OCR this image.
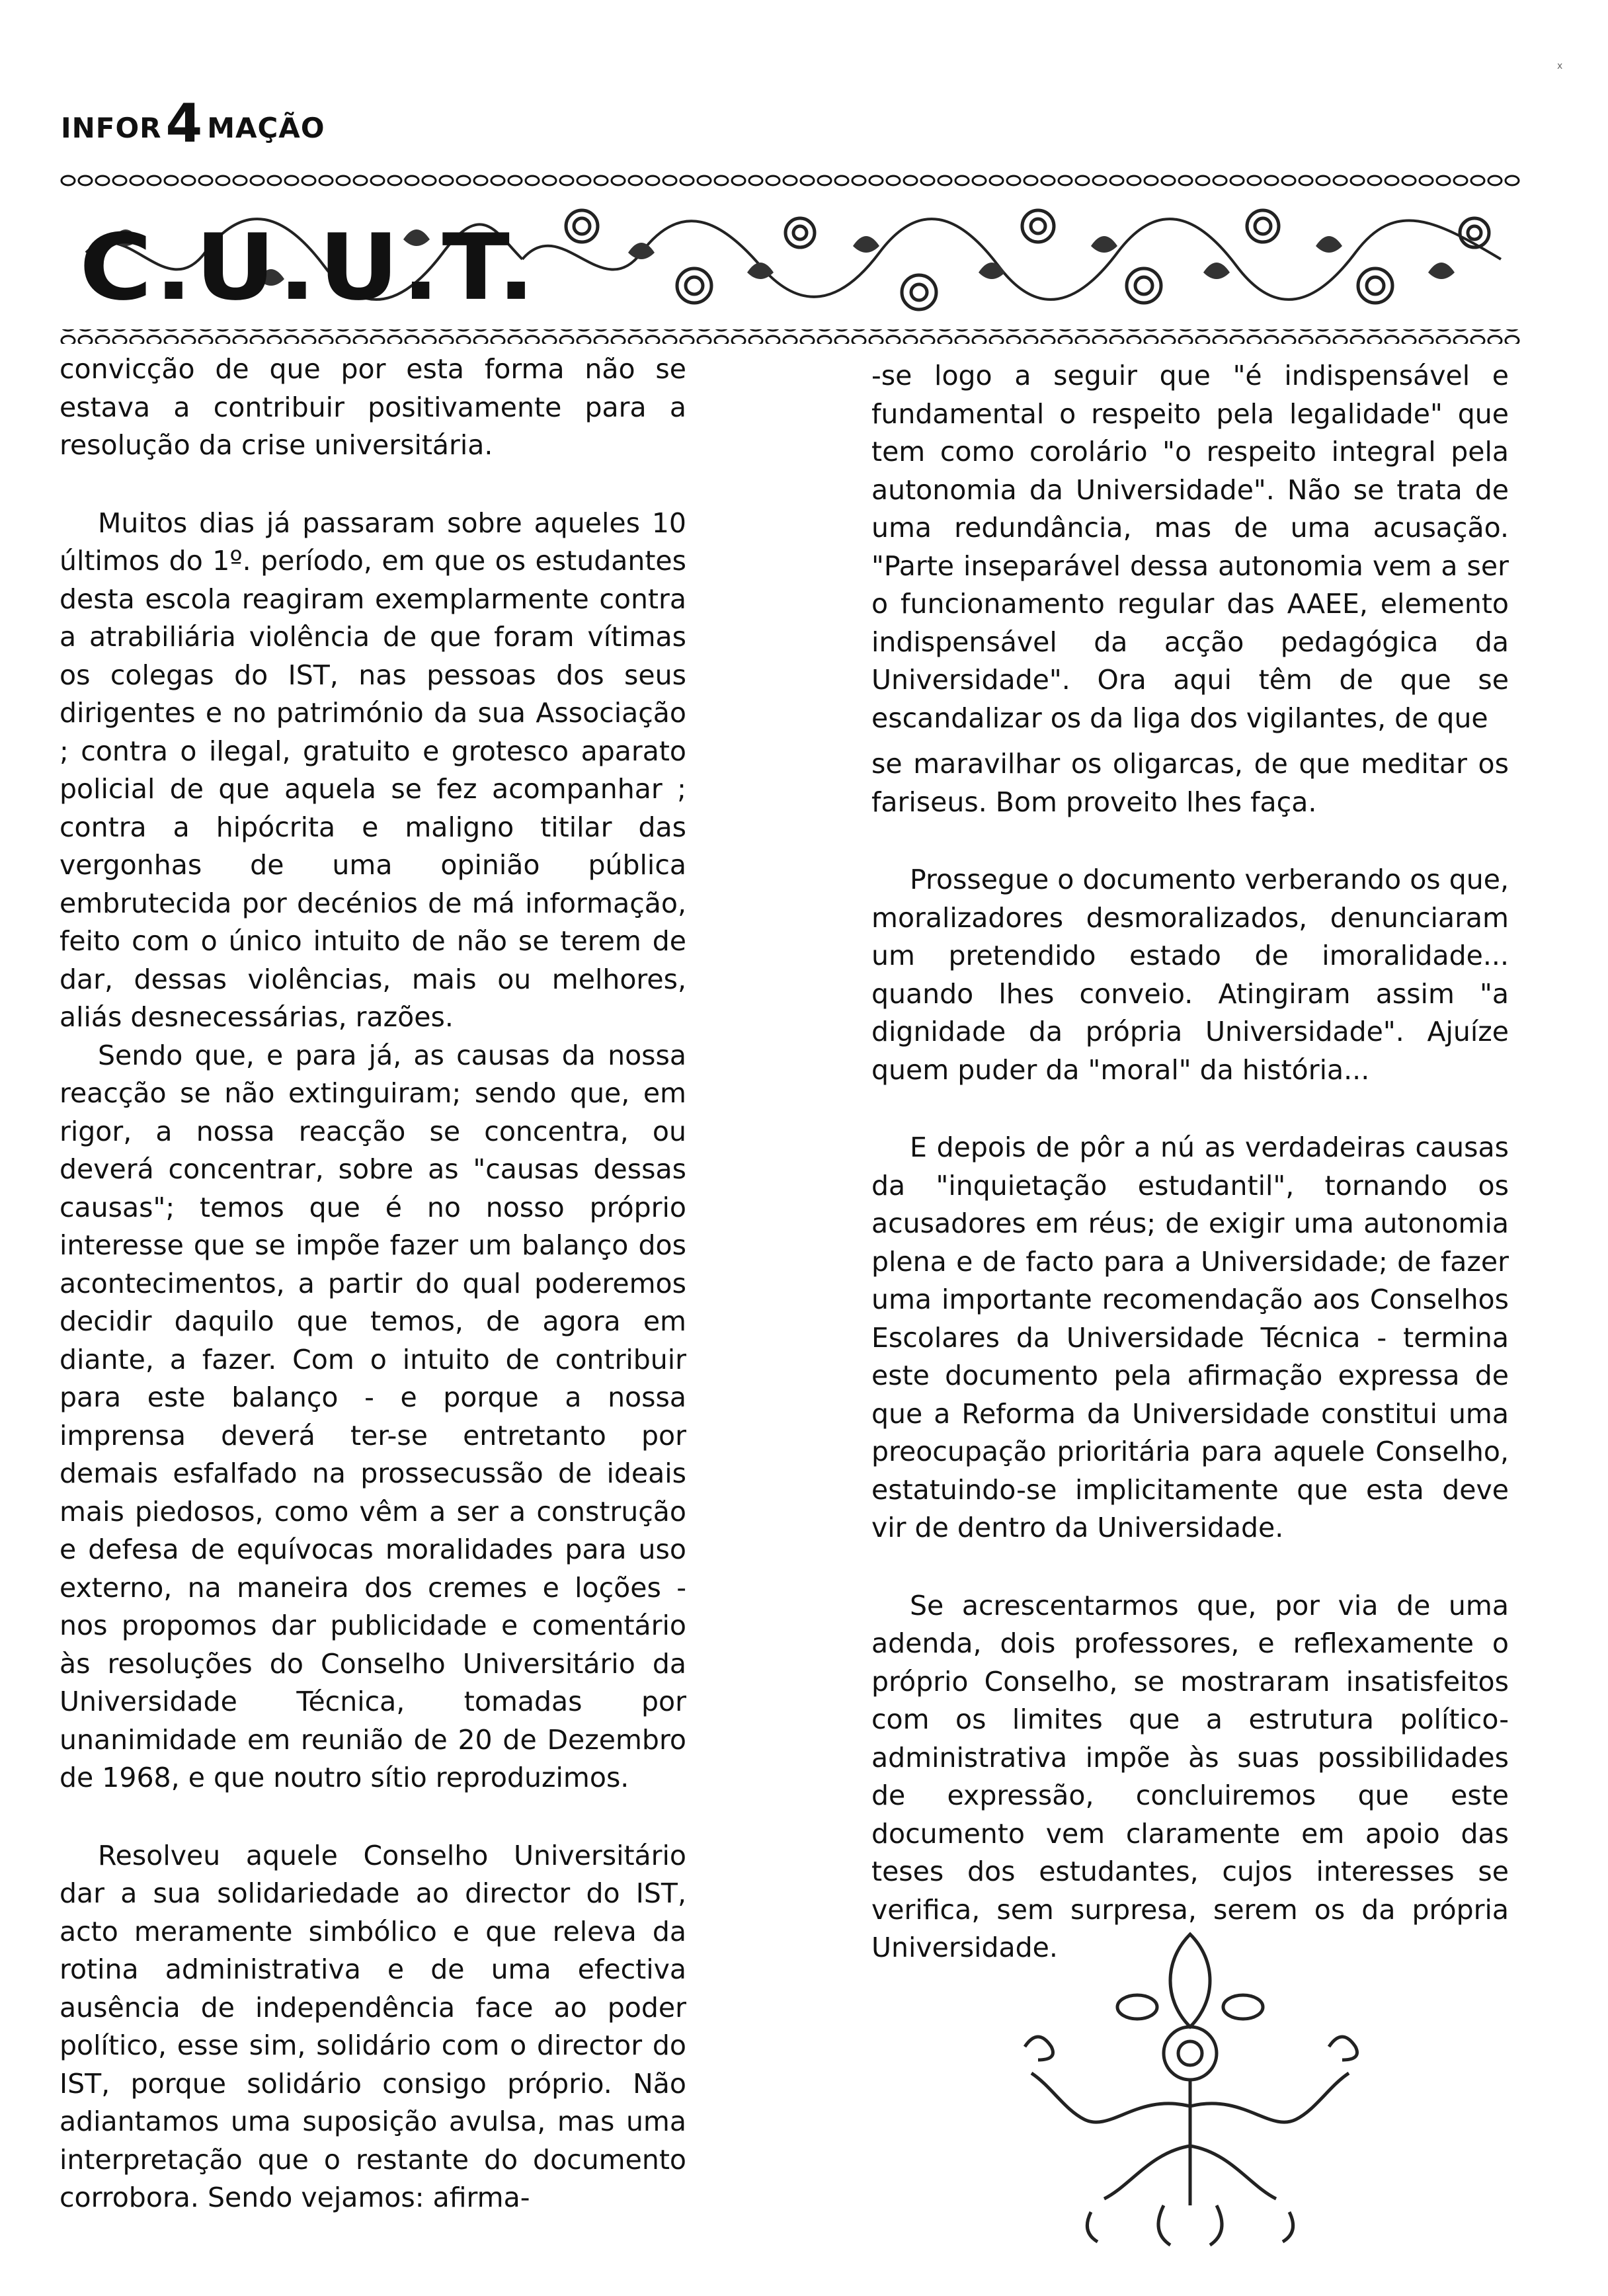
INFOR4 MAÇÃO
x
C.U.U.T.

convicção de que por esta forma não se estava a contribuir positivamente para a resolução da crise universitária.

Muitos dias já passaram sobre aqueles 10 últimos do 1º. período, em que os estudantes desta escola reagiram exemplarmente contra a atrabiliária violência de que foram vítimas os colegas do IST, nas pessoas dos seus dirigentes e no património da sua Associação ; contra o ilegal, gratuito e grotesco aparato policial de que aquela se fez acompanhar ; contra a hipócrita e maligno titilar das vergonhas de uma opinião pública embrutecida por decénios de má informação, feito com o único intuito de não se terem de dar, dessas violências, mais ou melhores, aliás desnecessárias, razões.

Sendo que, e para já, as causas da nossa reacção se não extinguiram; sendo que, em rigor, a nossa reacção se concentra, ou deverá concentrar, sobre as "causas dessas causas"; temos que é no nosso próprio interesse que se impõe fazer um balanço dos acontecimentos, a partir do qual poderemos decidir daquilo que temos, de agora em diante, a fazer. Com o intuito de contribuir para este balanço - e porque a nossa imprensa deverá ter-se entretanto por demais esfalfado na prossecussão de ideais mais piedosos, como vêm a ser a construção e defesa de equívocas moralidades para uso externo, na maneira dos cremes e loções - nos propomos dar publicidade e comentário às resoluções do Conselho Universitário da Universidade Técnica, tomadas por unanimidade em reunião de 20 de Dezembro de 1968, e que noutro sítio reproduzimos.

Resolveu aquele Conselho Universitário dar a sua solidariedade ao director do IST, acto meramente simbólico e que releva da rotina administrativa e de uma efectiva ausência de independência face ao poder político, esse sim, solidário com o director do IST, porque solidário consigo próprio. Não adiantamos uma suposição avulsa, mas uma interpretação que o restante do documento corrobora. Sendo vejamos: afirma-

-se logo a seguir que "é indispensável e fundamental o respeito pela legalidade" que tem como corolário "o respeito integral pela autonomia da Universidade". Não se trata de uma redundância, mas de uma acusação. "Parte inseparável dessa autonomia vem a ser o funcionamento regular das AAEE, elemento indispensável da acção pedagógica da Universidade". Ora aqui têm de que se escandalizar os da liga dos vigilantes, de que

se maravilhar os oligarcas, de que meditar os fariseus. Bom proveito lhes faça.

Prossegue o documento verberando os que, moralizadores desmoralizados, denunciaram um pretendido estado de imoralidade... quando lhes conveio. Atingiram assim "a dignidade da própria Universidade". Ajuíze quem puder da "moral" da história...

E depois de pôr a nú as verdadeiras causas da "inquietação estudantil", tornando os acusadores em réus; de exigir uma autonomia plena e de facto para a Universidade; de fazer uma importante recomendação aos Conselhos Escolares da Universidade Técnica - termina este documento pela afirmação expressa de que a Reforma da Universidade constitui uma preocupação prioritária para aquele Conselho, estatuindo-se implicitamente que esta deve vir de dentro da Universidade.

Se acrescentarmos que, por via de uma adenda, dois professores, e reflexamente o próprio Conselho, se mostraram insatisfeitos com os limites que a estrutura político-administrativa impõe às suas possibilidades de expressão, concluiremos que este documento vem claramente em apoio das teses dos estudantes, cujos interesses se verifica, sem surpresa, serem os da própria Universidade.
